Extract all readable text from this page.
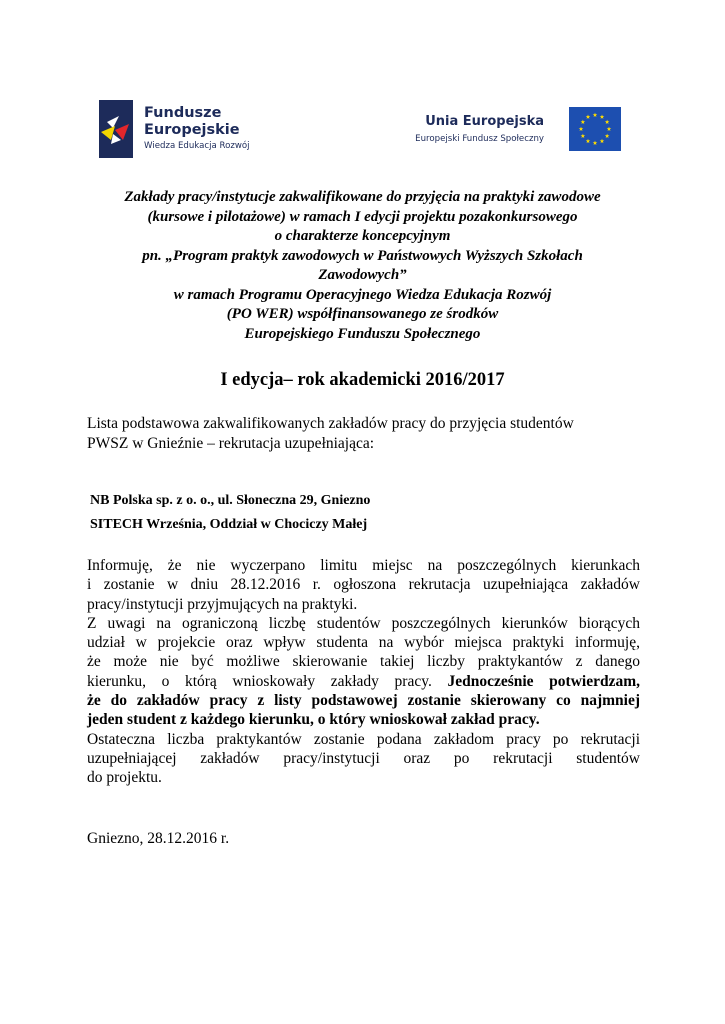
Fundusze
Europejskie
Wiedza Edukacja Rozwój
Unia Europejska
Europejski Fundusz Społeczny
Zakłady pracy/instytucje zakwalifikowane do przyjęcia na praktyki zawodowe
(kursowe i pilotażowe) w ramach I edycji projektu pozakonkursowego
o charakterze koncepcyjnym
pn. „Program praktyk zawodowych w Państwowych Wyższych Szkołach
Zawodowych”
w ramach Programu Operacyjnego Wiedza Edukacja Rozwój
(PO WER) współfinansowanego ze środków
Europejskiego Funduszu Społecznego
I edycja– rok akademicki 2016/2017
Lista podstawowa zakwalifikowanych zakładów pracy do przyjęcia studentów
PWSZ w Gnieźnie – rekrutacja uzupełniająca:
NB Polska sp. z o. o., ul. Słoneczna 29, Gniezno
SITECH Września, Oddział w Chociczy Małej
Informuję, że nie wyczerpano limitu miejsc na poszczególnych kierunkach
i zostanie w dniu 28.12.2016 r. ogłoszona rekrutacja uzupełniająca zakładów
pracy/instytucji przyjmujących na praktyki.
Z uwagi na ograniczoną liczbę studentów poszczególnych kierunków biorących
udział w projekcie oraz wpływ studenta na wybór miejsca praktyki informuję,
że może nie być możliwe skierowanie takiej liczby praktykantów z danego
kierunku, o którą wnioskowały zakłady pracy. Jednocześnie potwierdzam,
że do zakładów pracy z listy podstawowej zostanie skierowany co najmniej
jeden student z każdego kierunku, o który wnioskował zakład pracy.
Ostateczna liczba praktykantów zostanie podana zakładom pracy po rekrutacji
uzupełniającej zakładów pracy/instytucji oraz po rekrutacji studentów
do projektu.
Gniezno, 28.12.2016 r.
